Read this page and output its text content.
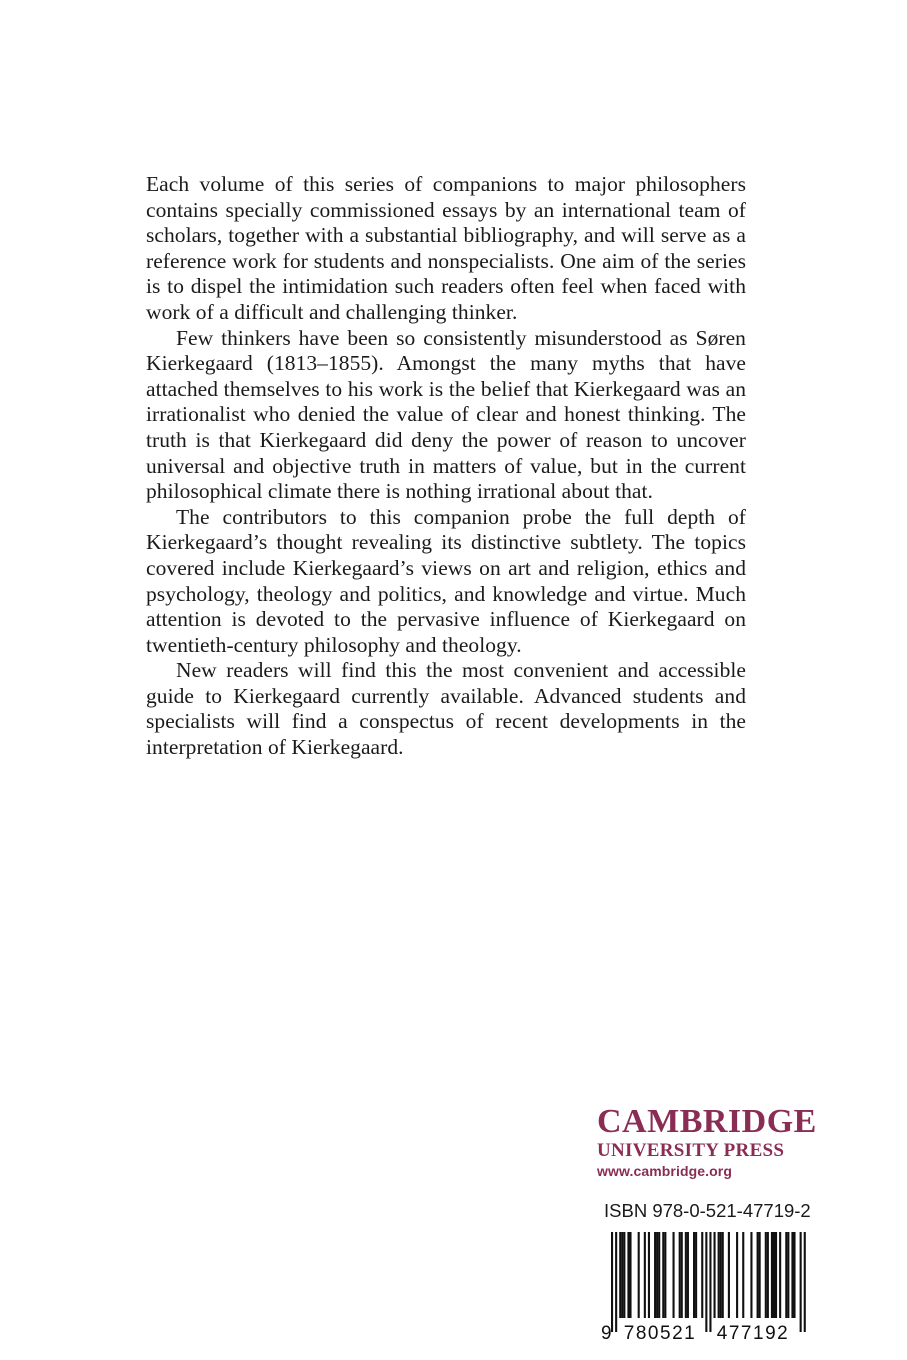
Each volume of this series of companions to major philosophers contains specially commissioned essays by an international team of scholars, together with a substantial bibliography, and will serve as a reference work for students and nonspecialists. One aim of the series is to dispel the intimidation such readers often feel when faced with work of a difficult and challenging thinker.

Few thinkers have been so consistently misunderstood as Søren Kierkegaard (1813–1855). Amongst the many myths that have attached themselves to his work is the belief that Kierkegaard was an irrationalist who denied the value of clear and honest thinking. The truth is that Kierkegaard did deny the power of reason to uncover universal and objective truth in matters of value, but in the current philosophical climate there is nothing irrational about that.

The contributors to this companion probe the full depth of Kierkegaard’s thought revealing its distinctive subtlety. The topics covered include Kierkegaard’s views on art and religion, ethics and psychology, theology and politics, and knowledge and virtue. Much attention is devoted to the pervasive influence of Kierkegaard on twentieth-century philosophy and theology.

New readers will find this the most convenient and accessible guide to Kierkegaard currently available. Advanced students and specialists will find a conspectus of recent developments in the interpretation of Kierkegaard.

CAMBRIDGE
UNIVERSITY PRESS
www.cambridge.org
ISBN 978-0-521-47719-2
9 780521 477192
